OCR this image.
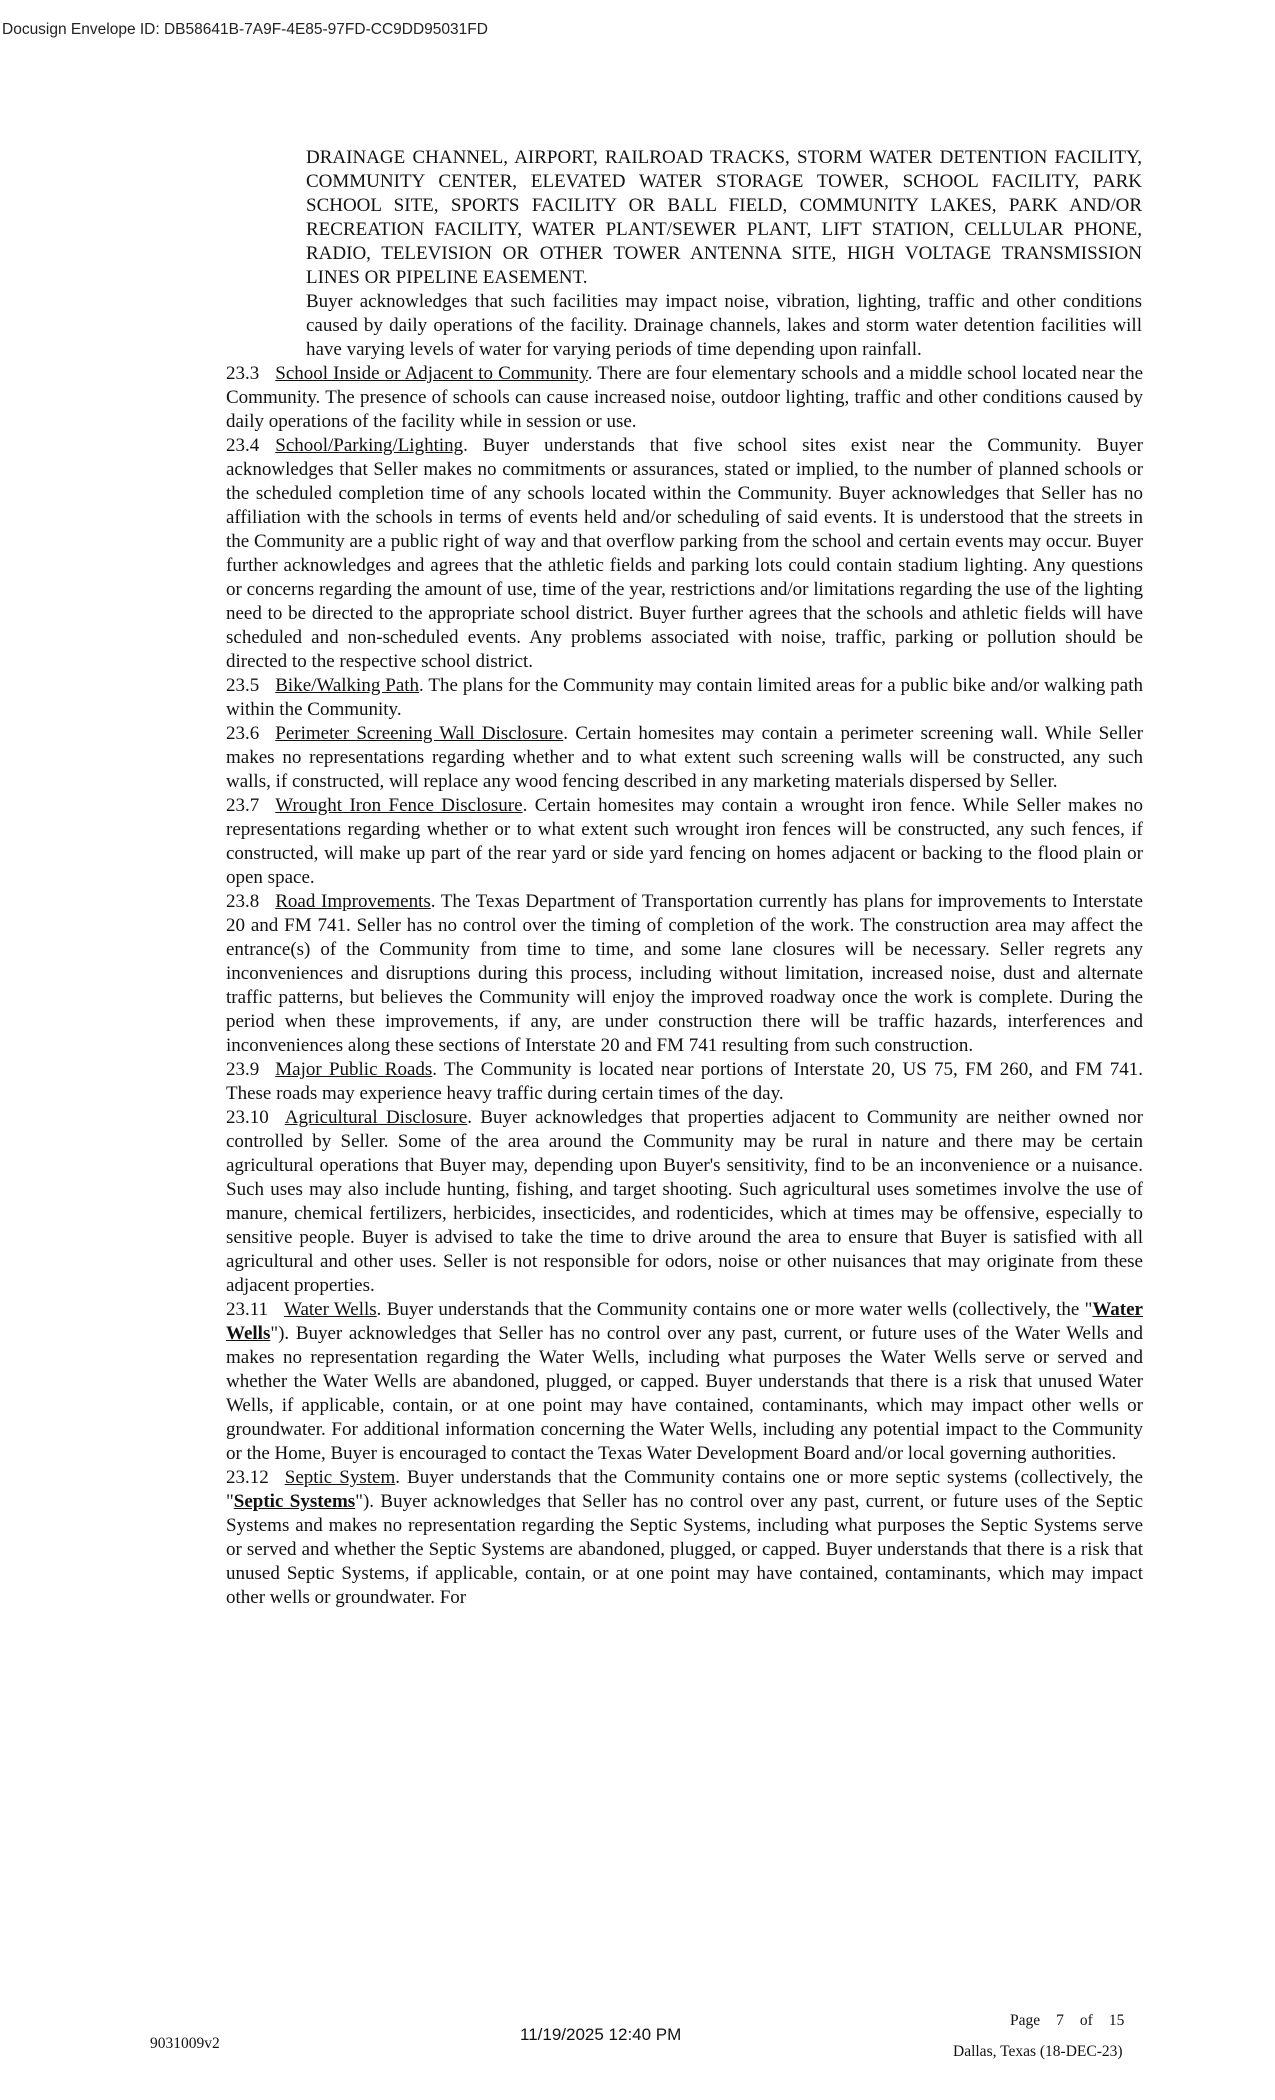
Docusign Envelope ID: DB58641B-7A9F-4E85-97FD-CC9DD95031FD

DRAINAGE CHANNEL, AIRPORT, RAILROAD TRACKS, STORM WATER DETENTION FACILITY, COMMUNITY CENTER, ELEVATED WATER STORAGE TOWER, SCHOOL FACILITY, PARK SCHOOL SITE, SPORTS FACILITY OR BALL FIELD, COMMUNITY LAKES, PARK AND/OR RECREATION FACILITY, WATER PLANT/SEWER PLANT, LIFT STATION, CELLULAR PHONE, RADIO, TELEVISION OR OTHER TOWER ANTENNA SITE, HIGH VOLTAGE TRANSMISSION LINES OR PIPELINE EASEMENT.

Buyer acknowledges that such facilities may impact noise, vibration, lighting, traffic and other conditions caused by daily operations of the facility. Drainage channels, lakes and storm water detention facilities will have varying levels of water for varying periods of time depending upon rainfall.

23.3 School Inside or Adjacent to Community. There are four elementary schools and a middle school located near the Community. The presence of schools can cause increased noise, outdoor lighting, traffic and other conditions caused by daily operations of the facility while in session or use.

23.4 School/Parking/Lighting. Buyer understands that five school sites exist near the Community. Buyer acknowledges that Seller makes no commitments or assurances, stated or implied, to the number of planned schools or the scheduled completion time of any schools located within the Community. Buyer acknowledges that Seller has no affiliation with the schools in terms of events held and/or scheduling of said events. It is understood that the streets in the Community are a public right of way and that overflow parking from the school and certain events may occur. Buyer further acknowledges and agrees that the athletic fields and parking lots could contain stadium lighting. Any questions or concerns regarding the amount of use, time of the year, restrictions and/or limitations regarding the use of the lighting need to be directed to the appropriate school district. Buyer further agrees that the schools and athletic fields will have scheduled and non-scheduled events. Any problems associated with noise, traffic, parking or pollution should be directed to the respective school district.

23.5 Bike/Walking Path. The plans for the Community may contain limited areas for a public bike and/or walking path within the Community.

23.6 Perimeter Screening Wall Disclosure. Certain homesites may contain a perimeter screening wall. While Seller makes no representations regarding whether and to what extent such screening walls will be constructed, any such walls, if constructed, will replace any wood fencing described in any marketing materials dispersed by Seller.

23.7 Wrought Iron Fence Disclosure. Certain homesites may contain a wrought iron fence. While Seller makes no representations regarding whether or to what extent such wrought iron fences will be constructed, any such fences, if constructed, will make up part of the rear yard or side yard fencing on homes adjacent or backing to the flood plain or open space.

23.8 Road Improvements. The Texas Department of Transportation currently has plans for improvements to Interstate 20 and FM 741. Seller has no control over the timing of completion of the work. The construction area may affect the entrance(s) of the Community from time to time, and some lane closures will be necessary. Seller regrets any inconveniences and disruptions during this process, including without limitation, increased noise, dust and alternate traffic patterns, but believes the Community will enjoy the improved roadway once the work is complete. During the period when these improvements, if any, are under construction there will be traffic hazards, interferences and inconveniences along these sections of Interstate 20 and FM 741 resulting from such construction.

23.9 Major Public Roads. The Community is located near portions of Interstate 20, US 75, FM 260, and FM 741. These roads may experience heavy traffic during certain times of the day.

23.10 Agricultural Disclosure. Buyer acknowledges that properties adjacent to Community are neither owned nor controlled by Seller. Some of the area around the Community may be rural in nature and there may be certain agricultural operations that Buyer may, depending upon Buyer's sensitivity, find to be an inconvenience or a nuisance. Such uses may also include hunting, fishing, and target shooting. Such agricultural uses sometimes involve the use of manure, chemical fertilizers, herbicides, insecticides, and rodenticides, which at times may be offensive, especially to sensitive people. Buyer is advised to take the time to drive around the area to ensure that Buyer is satisfied with all agricultural and other uses. Seller is not responsible for odors, noise or other nuisances that may originate from these adjacent properties.

23.11 Water Wells. Buyer understands that the Community contains one or more water wells (collectively, the "Water Wells"). Buyer acknowledges that Seller has no control over any past, current, or future uses of the Water Wells and makes no representation regarding the Water Wells, including what purposes the Water Wells serve or served and whether the Water Wells are abandoned, plugged, or capped. Buyer understands that there is a risk that unused Water Wells, if applicable, contain, or at one point may have contained, contaminants, which may impact other wells or groundwater. For additional information concerning the Water Wells, including any potential impact to the Community or the Home, Buyer is encouraged to contact the Texas Water Development Board and/or local governing authorities.

23.12 Septic System. Buyer understands that the Community contains one or more septic systems (collectively, the "Septic Systems"). Buyer acknowledges that Seller has no control over any past, current, or future uses of the Septic Systems and makes no representation regarding the Septic Systems, including what purposes the Septic Systems serve or served and whether the Septic Systems are abandoned, plugged, or capped. Buyer understands that there is a risk that unused Septic Systems, if applicable, contain, or at one point may have contained, contaminants, which may impact other wells or groundwater. For

9031009v2	11/19/2025 12:40 PM
Page 7 of 15
Dallas, Texas (18-DEC-23)
